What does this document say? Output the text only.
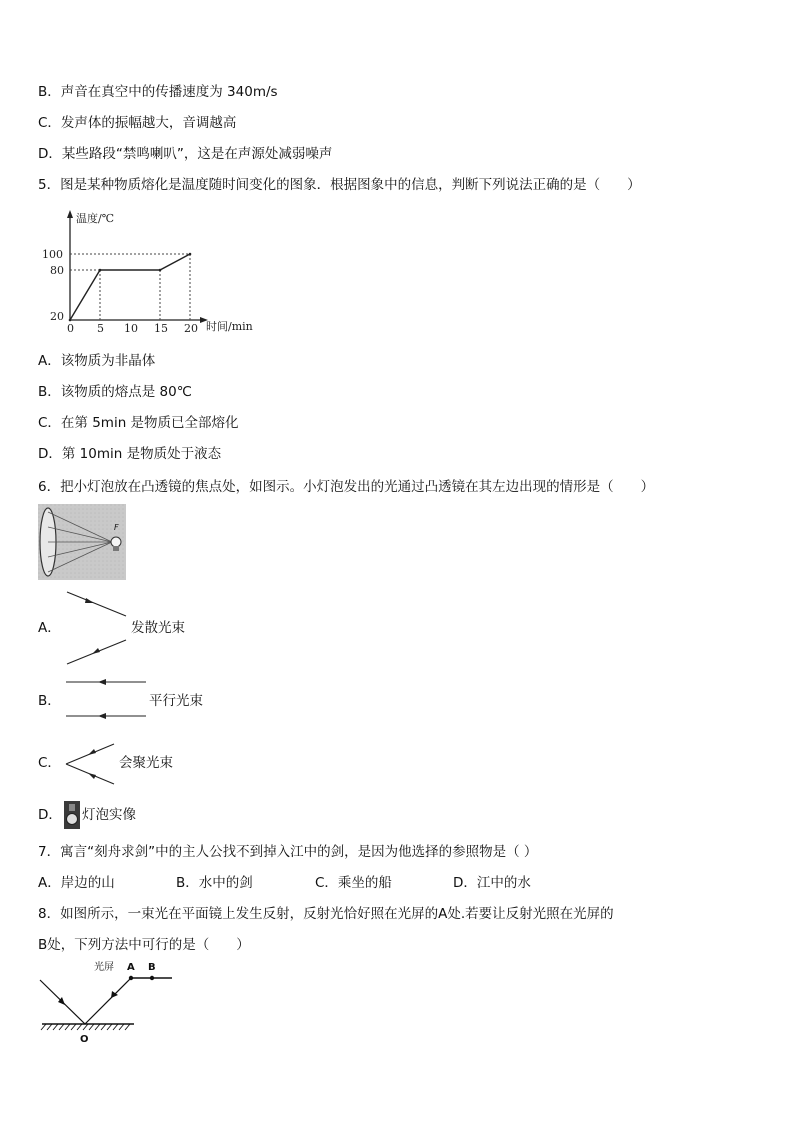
B．声音在真空中的传播速度为 340m/s
C．发声体的振幅越大，音调越高
D．某些路段“禁鸣喇叭”，这是在声源处减弱噪声
5．图是某种物质熔化是温度随时间变化的图象．根据图象中的信息，判断下列说法正确的是（　　）
温度/℃
时间/min
100
80
20
0 5 10 15 20
A．该物质为非晶体
B．该物质的熔点是 80℃
C．在第 5min 是物质已全部熔化
D．第 10min 是物质处于液态
6．把小灯泡放在凸透镜的焦点处，如图示。小灯泡发出的光通过凸透镜在其左边出现的情形是（　　）
F
A．	发散光束
B．	平行光束
C．	会聚光束
D． 灯泡实像
7．寓言“刻舟求剑”中的主人公找不到掉入江中的剑，是因为他选择的参照物是（ ）
A．岸边的山	B．水中的剑	C．乘坐的船	D．江中的水
8．如图所示，一束光在平面镜上发生反射，反射光恰好照在光屏的A处.若要让反射光照在光屏的
B处，下列方法中可行的是（　　）
光屏 A B
O
